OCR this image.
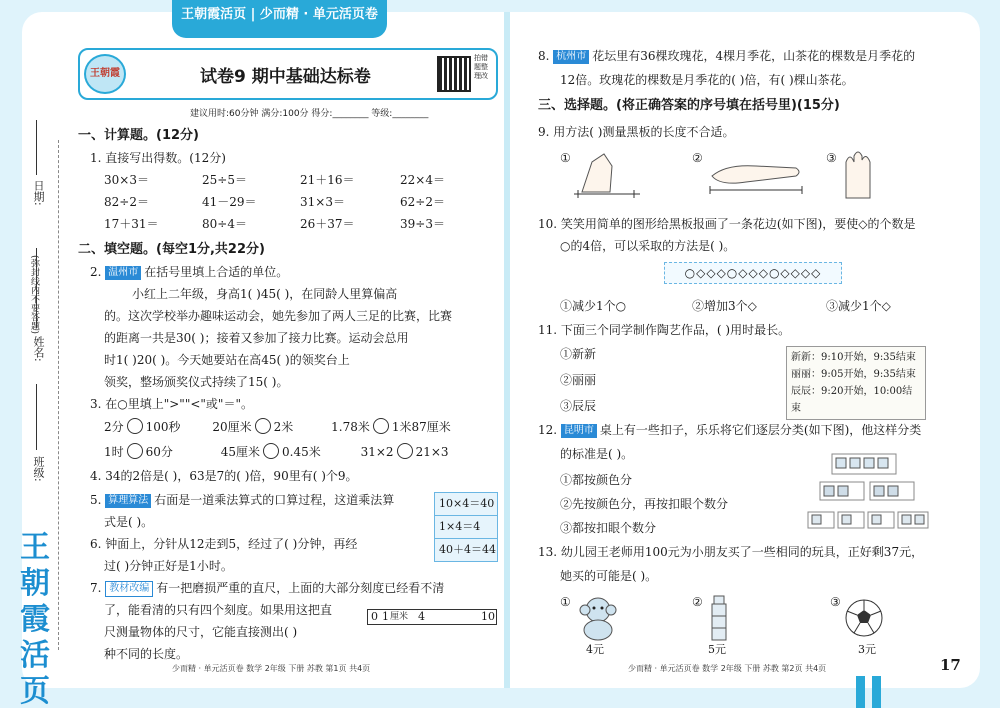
王朝霞活页 | 少而精 · 单元活页卷
日期:
(弥封线内不要答题)
姓名:
班级:
王朝霞活页
王朝霞	试卷9 期中基础达标卷
拍错题整理改
建议用时:60分钟 满分:100分 得分:________ 等级:________
一、计算题。(12分)
1. 直接写出得数。(12分)
30×3＝	25÷5＝	21＋16＝	22×4＝
82÷2＝	41－29＝	31×3＝	62÷2＝
17＋31＝	80÷4＝	26＋37＝	39÷3＝
二、填空题。(每空1分,共22分)
2. 温州市 在括号里填上合适的单位。
小红上二年级，身高1( )45( )，在同龄人里算偏高
的。这次学校举办趣味运动会，她先参加了两人三足的比赛，比赛
的距离一共是30( )；接着又参加了接力比赛。运动会总用
时1( )20( )。今天她要站在高45( )的领奖台上
领奖，整场颁奖仪式持续了15( )。
3. 在○里填上">""<"或"＝"。
2分 100秒	20厘米 2米	1.78米 1米87厘米
1时 60分	45厘米 0.45米	31×2 21×3
4. 34的2倍是( )，63是7的( )倍，90里有( )个9。
5. 算理算法 右面是一道乘法算式的口算过程，这道乘法算
式是( )。
10×4＝40
1×4＝4
40＋4＝44
6. 钟面上，分针从12走到5，经过了( )分钟，再经
过( )分钟正好是1小时。
7. 教材改编 有一把磨损严重的直尺，上面的大部分刻度已经看不清
了，能看清的只有四个刻度。如果用这把直
尺测量物体的尺寸，它能直接测出( )
种不同的长度。
0 1 厘米 4	10
少而精 · 单元活页卷 数学 2年级 下册 苏教 第1页 共4页
8. 杭州市 花坛里有36棵玫瑰花，4棵月季花，山茶花的棵数是月季花的
12倍。玫瑰花的棵数是月季花的( )倍，有( )棵山茶花。
三、选择题。(将正确答案的序号填在括号里)(15分)
9. 用方法( )测量黑板的长度不合适。
①	②	③
10. 笑笑用简单的图形给黑板报画了一条花边(如下图)，要使◇的个数是
○的4倍，可以采取的方法是( )。
○◇◇◇○◇◇◇○◇◇◇◇
①减少1个○	②增加3个◇	③减少1个◇
11. 下面三个同学制作陶艺作品，( )用时最长。
①新新
②丽丽
③辰辰
新新：9:10开始，9:35结束
丽丽：9:05开始，9:35结束
辰辰：9:20开始，10:00结束
12. 昆明市 桌上有一些扣子，乐乐将它们逐层分类(如下图)，他这样分类
的标准是( )。
①都按颜色分
②先按颜色分，再按扣眼个数分
③都按扣眼个数分
13. 幼儿园王老师用100元为小朋友买了一些相同的玩具，正好剩37元，
她买的可能是( )。
①
4元
②
5元
③
3元
少而精 · 单元活页卷 数学 2年级 下册 苏教 第2页 共4页	17
